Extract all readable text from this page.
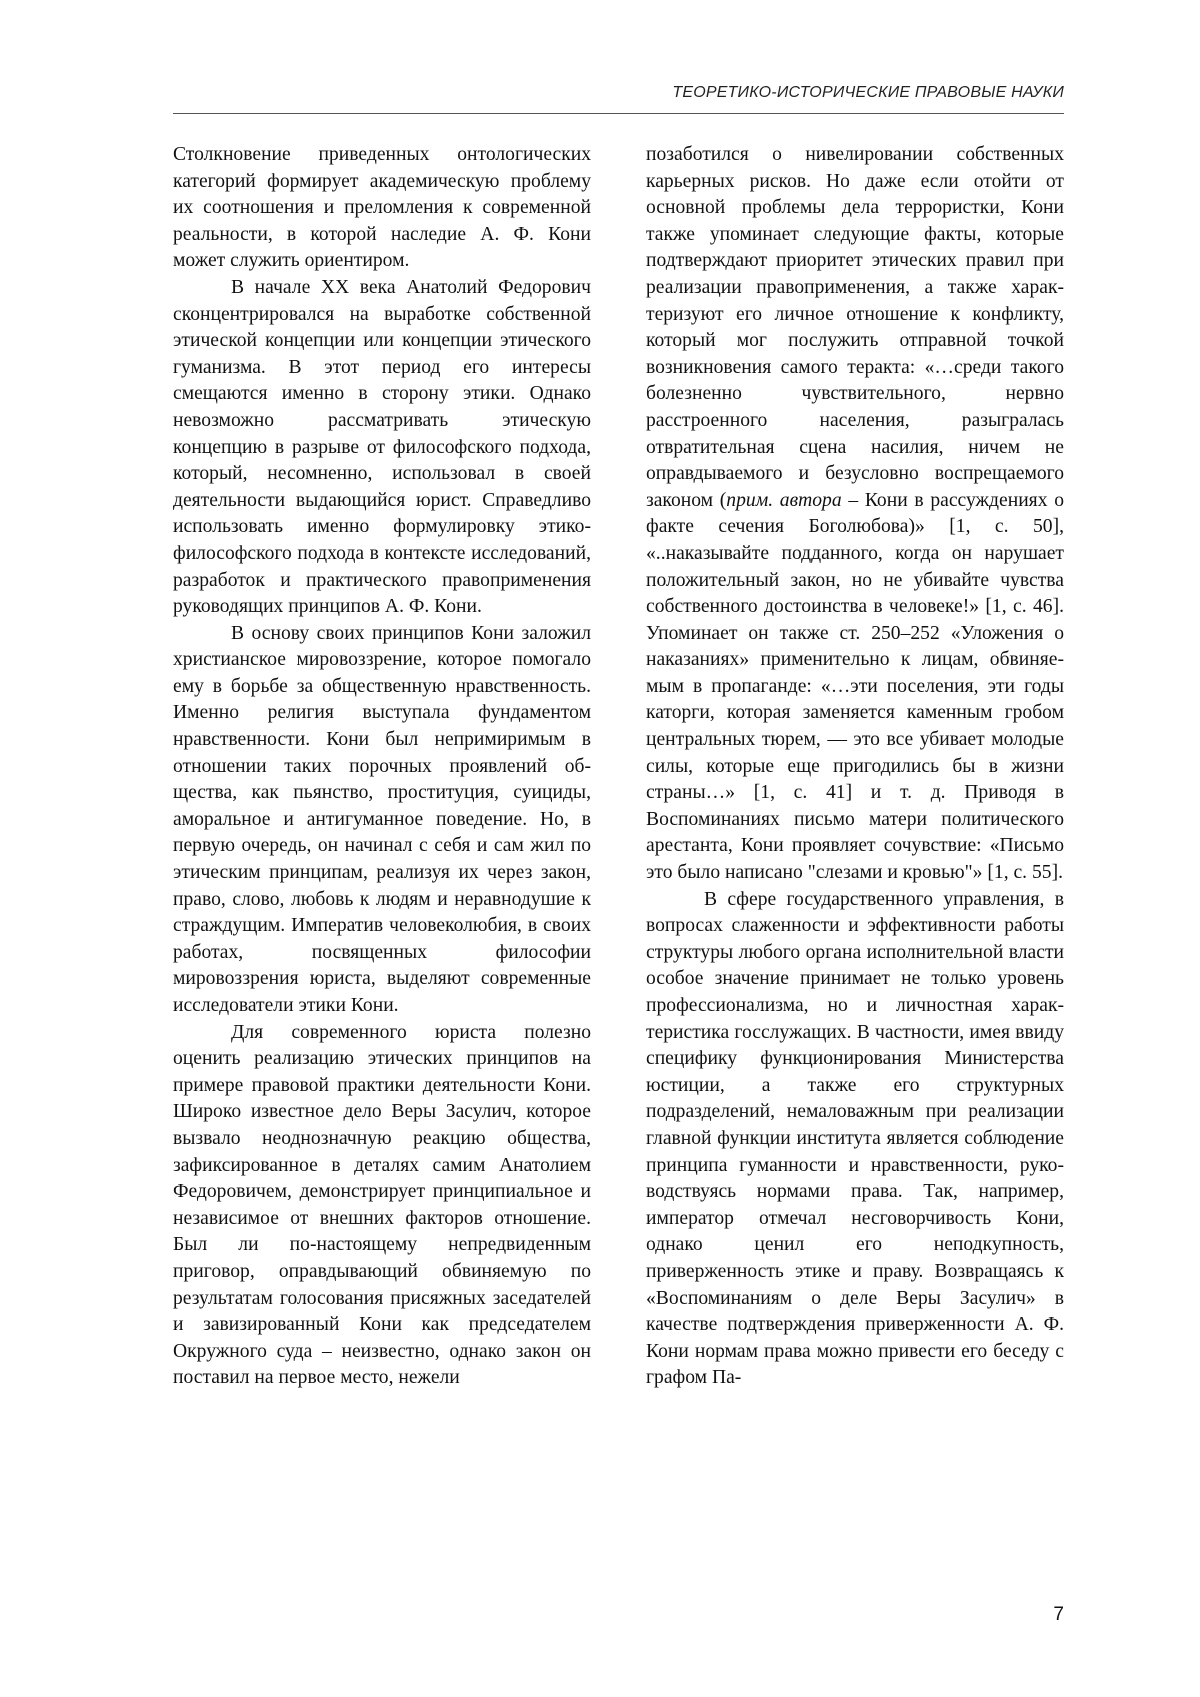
ТЕОРЕТИКО-ИСТОРИЧЕСКИЕ ПРАВОВЫЕ НАУКИ

Столкновение приведенных онтологических категорий формирует академическую проблему их соотношения и преломления к современной реальности, в которой наследие А. Ф. Кони может служить ориентиром.

В начале XX века Анатолий Федорович сконцентрировался на выработке собственной этической концепции или концепции этического гуманизма. В этот период его интересы смещаются именно в сторону этики. Однако невозможно рассматривать этическую концепцию в разрыве от философского подхода, который, несомненно, использовал в своей деятельности выдающийся юрист. Справедливо использовать именно формулировку этико-философского подхода в контексте исследований, разработок и практического правоприменения руководящих принципов А. Ф. Кони.

В основу своих принципов Кони заложил христианское мировоззрение, которое помогало ему в борьбе за общественную нравственность. Именно религия выступала фундаментом нравственности. Кони был непримиримым в отношении таких порочных проявлений общества, как пьянство, проституция, суициды, аморальное и антигуманное поведение. Но, в первую очередь, он начинал с себя и сам жил по этическим принципам, реализуя их через закон, право, слово, любовь к людям и неравнодушие к страждущим. Императив человеколюбия, в своих работах, посвященных философии мировоззрения юриста, выделяют современные исследователи этики Кони.

Для современного юриста полезно оценить реализацию этических принципов на примере правовой практики деятельности Кони. Широко известное дело Веры Засулич, которое вызвало неоднозначную реакцию общества, зафиксированное в деталях самим Анатолием Федоровичем, демонстрирует принципиальное и независимое от внешних факторов отношение. Был ли по-настоящему непредвиденным приговор, оправдывающий обвиняемую по результатам голосования присяжных заседателей и завизированный Кони как председателем Окружного суда – неизвестно, однако закон он поставил на первое место, нежели

позаботился о нивелировании собственных карьерных рисков. Но даже если отойти от основной проблемы дела террористки, Кони также упоминает следующие факты, которые подтверждают приоритет этических правил при реализации правоприменения, а также характеризуют его личное отношение к конфликту, который мог послужить отправной точкой возникновения самого теракта: «…среди такого болезненно чувствительного, нервно расстроенного населения, разыгралась отвратительная сцена насилия, ничем не оправдываемого и безусловно воспрещаемого законом (прим. автора – Кони в рассуждениях о факте сечения Боголюбова)» [1, с. 50], «..наказывайте подданного, когда он нарушает положительный закон, но не убивайте чувства собственного достоинства в человеке!» [1, с. 46]. Упоминает он также ст. 250–252 «Уложения о наказаниях» применительно к лицам, обвиняемым в пропаганде: «…эти поселения, эти годы каторги, которая заменяется каменным гробом центральных тюрем, — это все убивает молодые силы, которые еще пригодились бы в жизни страны…» [1, с. 41] и т. д. Приводя в Воспоминаниях письмо матери политического арестанта, Кони проявляет сочувствие: «Письмо это было написано "слезами и кровью"» [1, с. 55].

В сфере государственного управления, в вопросах слаженности и эффективности работы структуры любого органа исполнительной власти особое значение принимает не только уровень профессионализма, но и личностная характеристика госслужащих. В частности, имея ввиду специфику функционирования Министерства юстиции, а также его структурных подразделений, немаловажным при реализации главной функции института является соблюдение принципа гуманности и нравственности, руководствуясь нормами права. Так, например, император отмечал несговорчивость Кони, однако ценил его неподкупность, приверженность этике и праву. Возвращаясь к «Воспоминаниям о деле Веры Засулич» в качестве подтверждения приверженности А. Ф. Кони нормам права можно привести его беседу с графом Па-

7
